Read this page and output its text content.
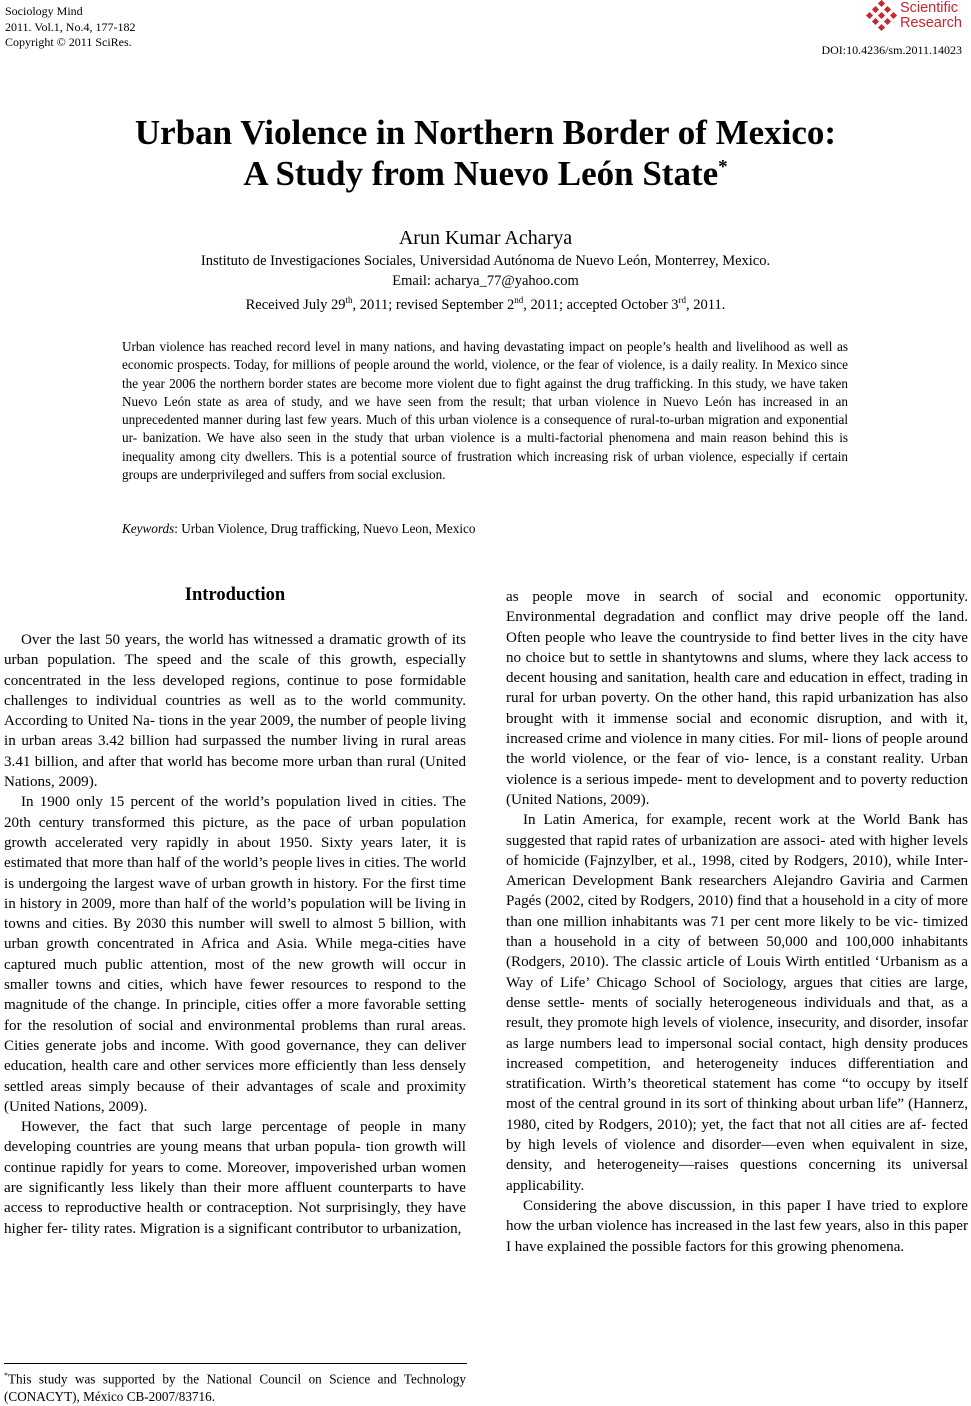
Sociology Mind
2011. Vol.1, No.4, 177-182
Copyright © 2011 SciRes.
Scientific
Research
DOI:10.4236/sm.2011.14023
Urban Violence in Northern Border of Mexico:
A Study from Nuevo León State*
Arun Kumar Acharya
Instituto de Investigaciones Sociales, Universidad Autónoma de Nuevo León, Monterrey, Mexico.
Email: acharya_77@yahoo.com
Received July 29th, 2011; revised September 2nd, 2011; accepted October 3rd, 2011.
Urban violence has reached record level in many nations, and having devastating impact on people’s health and livelihood as well as economic prospects. Today, for millions of people around the world, violence, or the fear of violence, is a daily reality. In Mexico since the year 2006 the northern border states are become more violent due to fight against the drug trafficking. In this study, we have taken Nuevo León state as area of study, and we have seen from the result; that urban violence in Nuevo León has increased in an unprecedented manner during last few years. Much of this urban violence is a consequence of rural-to-urban migration and exponential ur- banization. We have also seen in the study that urban violence is a multi-factorial phenomena and main reason behind this is inequality among city dwellers. This is a potential source of frustration which increasing risk of urban violence, especially if certain groups are underprivileged and suffers from social exclusion.
Keywords: Urban Violence, Drug trafficking, Nuevo Leon, Mexico
Introduction

Over the last 50 years, the world has witnessed a dramatic growth of its urban population. The speed and the scale of this growth, especially concentrated in the less developed regions, continue to pose formidable challenges to individual countries as well as to the world community. According to United Na- tions in the year 2009, the number of people living in urban areas 3.42 billion had surpassed the number living in rural areas 3.41 billion, and after that world has become more urban than rural (United Nations, 2009).

In 1900 only 15 percent of the world’s population lived in cities. The 20th century transformed this picture, as the pace of urban population growth accelerated very rapidly in about 1950. Sixty years later, it is estimated that more than half of the world’s people lives in cities. The world is undergoing the largest wave of urban growth in history. For the first time in history in 2009, more than half of the world’s population will be living in towns and cities. By 2030 this number will swell to almost 5 billion, with urban growth concentrated in Africa and Asia. While mega-cities have captured much public attention, most of the new growth will occur in smaller towns and cities, which have fewer resources to respond to the magnitude of the change. In principle, cities offer a more favorable setting for the resolution of social and environmental problems than rural areas. Cities generate jobs and income. With good governance, they can deliver education, health care and other services more efficiently than less densely settled areas simply because of their advantages of scale and proximity (United Nations, 2009).

However, the fact that such large percentage of people in many developing countries are young means that urban popula- tion growth will continue rapidly for years to come. Moreover, impoverished urban women are significantly less likely than their more affluent counterparts to have access to reproductive health or contraception. Not surprisingly, they have higher fer- tility rates. Migration is a significant contributor to urbanization,

as people move in search of social and economic opportunity. Environmental degradation and conflict may drive people off the land. Often people who leave the countryside to find better lives in the city have no choice but to settle in shantytowns and slums, where they lack access to decent housing and sanitation, health care and education in effect, trading in rural for urban poverty. On the other hand, this rapid urbanization has also brought with it immense social and economic disruption, and with it, increased crime and violence in many cities. For mil- lions of people around the world violence, or the fear of vio- lence, is a constant reality. Urban violence is a serious impede- ment to development and to poverty reduction (United Nations, 2009).

In Latin America, for example, recent work at the World Bank has suggested that rapid rates of urbanization are associ- ated with higher levels of homicide (Fajnzylber, et al., 1998, cited by Rodgers, 2010), while Inter-American Development Bank researchers Alejandro Gaviria and Carmen Pagés (2002, cited by Rodgers, 2010) find that a household in a city of more than one million inhabitants was 71 per cent more likely to be vic- timized than a household in a city of between 50,000 and 100,000 inhabitants (Rodgers, 2010). The classic article of Louis Wirth entitled ‘Urbanism as a Way of Life’ Chicago School of Sociology, argues that cities are large, dense settle- ments of socially heterogeneous individuals and that, as a result, they promote high levels of violence, insecurity, and disorder, insofar as large numbers lead to impersonal social contact, high density produces increased competition, and heterogeneity induces differentiation and stratification. Wirth’s theoretical statement has come “to occupy by itself most of the central ground in its sort of thinking about urban life” (Hannerz, 1980, cited by Rodgers, 2010); yet, the fact that not all cities are af- fected by high levels of violence and disorder—even when equivalent in size, density, and heterogeneity—raises questions concerning its universal applicability.

Considering the above discussion, in this paper I have tried to explore how the urban violence has increased in the last few years, also in this paper I have explained the possible factors for this growing phenomena.

*This study was supported by the National Council on Science and Technology (CONACYT), México CB-2007/83716.
